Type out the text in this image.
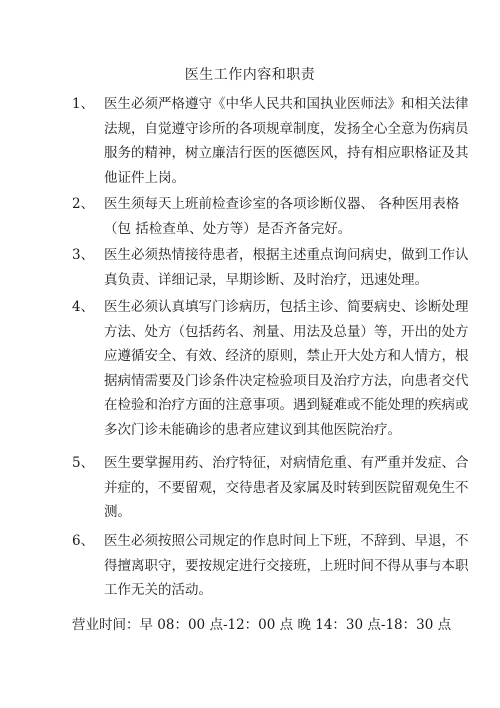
医生工作内容和职责
1、 医生必须严格遵守《中华人民共和国执业医师法》和相关法律
法规，自觉遵守诊所的各项规章制度，发扬全心全意为伤病员
服务的精神，树立廉洁行医的医德医风，持有相应职格证及其
他证件上岗。
2、 医生须每天上班前检查诊室的各项诊断仪器、 各种医用表格
（包 括检查单、处方等）是否齐备完好。
3、 医生必须热情接待患者，根据主述重点询问病史，做到工作认
真负责、详细记录，早期诊断、及时治疗，迅速处理。
4、 医生必须认真填写门诊病历，包括主诊、简要病史、诊断处理
方法、处方（包括药名、剂量、用法及总量）等，开出的处方
应遵循安全、有效、经济的原则，禁止开大处方和人情方，根
据病情需要及门诊条件决定检验项目及治疗方法，向患者交代
在检验和治疗方面的注意事项。遇到疑难或不能处理的疾病或
多次门诊未能确诊的患者应建议到其他医院治疗。
5、 医生要掌握用药、治疗特征，对病情危重、有严重并发症、合
并症的，不要留观，交待患者及家属及时转到医院留观免生不
测。
6、 医生必须按照公司规定的作息时间上下班，不辞到、早退，不
得擅离职守，要按规定进行交接班，上班时间不得从事与本职
工作无关的活动。
营业时间：早 08：00 点-12：00 点 晚 14：30 点-18：30 点
